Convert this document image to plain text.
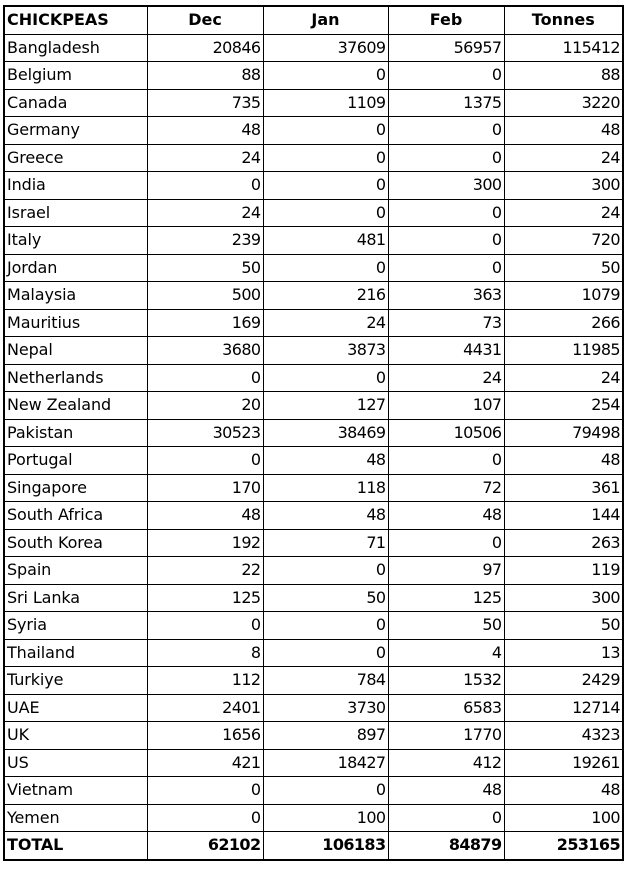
CHICKPEAS	Dec	Jan	Feb	Tonnes
Bangladesh	20846	37609	56957	115412
Belgium	88	0	0	88
Canada	735	1109	1375	3220
Germany	48	0	0	48
Greece	24	0	0	24
India	0	0	300	300
Israel	24	0	0	24
Italy	239	481	0	720
Jordan	50	0	0	50
Malaysia	500	216	363	1079
Mauritius	169	24	73	266
Nepal	3680	3873	4431	11985
Netherlands	0	0	24	24
New Zealand	20	127	107	254
Pakistan	30523	38469	10506	79498
Portugal	0	48	0	48
Singapore	170	118	72	361
South Africa	48	48	48	144
South Korea	192	71	0	263
Spain	22	0	97	119
Sri Lanka	125	50	125	300
Syria	0	0	50	50
Thailand	8	0	4	13
Turkiye	112	784	1532	2429
UAE	2401	3730	6583	12714
UK	1656	897	1770	4323
US	421	18427	412	19261
Vietnam	0	0	48	48
Yemen	0	100	0	100
TOTAL	62102	106183	84879	253165
